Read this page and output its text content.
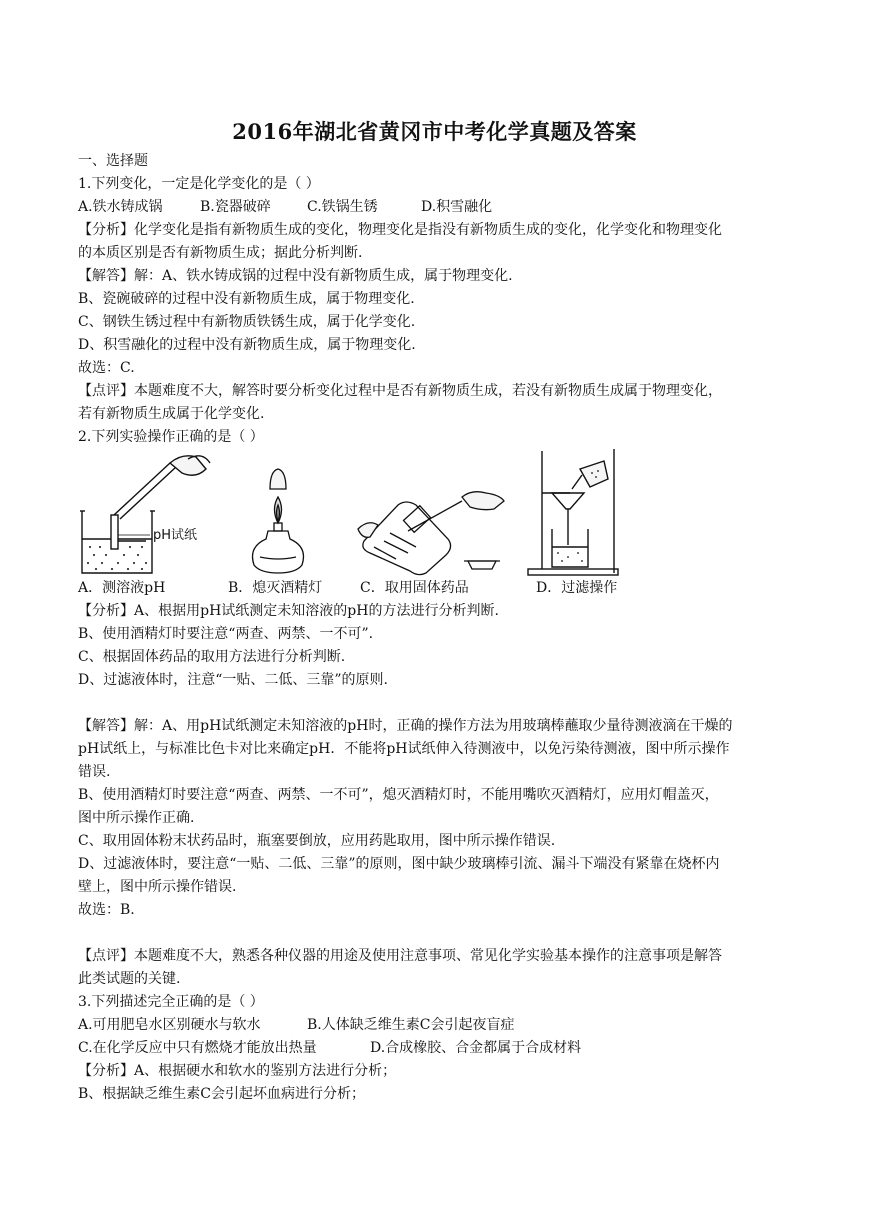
2016年湖北省黄冈市中考化学真题及答案

一、选择题

1.下列变化，一定是化学变化的是（ ）

A.铁水铸成锅	B.瓷器破碎	C.铁锅生锈	D.积雪融化

【分析】化学变化是指有新物质生成的变化，物理变化是指没有新物质生成的变化，化学变化和物理变化

的本质区别是否有新物质生成；据此分析判断.

【解答】解：A、铁水铸成锅的过程中没有新物质生成，属于物理变化.

B、瓷碗破碎的过程中没有新物质生成，属于物理变化.

C、钢铁生锈过程中有新物质铁锈生成，属于化学变化.

D、积雪融化的过程中没有新物质生成，属于物理变化.

故选：C.

【点评】本题难度不大，解答时要分析变化过程中是否有新物质生成，若没有新物质生成属于物理变化，

若有新物质生成属于化学变化.

2.下列实验操作正确的是（ ）

pH试纸
A．测溶液pH	B．熄灭酒精灯	C．取用固体药品	D．过滤操作

【分析】A、根据用pH试纸测定未知溶液的pH的方法进行分析判断.

B、使用酒精灯时要注意“两查、两禁、一不可”.

C、根据固体药品的取用方法进行分析判断.

D、过滤液体时，注意“一贴、二低、三靠”的原则.

【解答】解：A、用pH试纸测定未知溶液的pH时，正确的操作方法为用玻璃棒蘸取少量待测液滴在干燥的

pH试纸上，与标准比色卡对比来确定pH．不能将pH试纸伸入待测液中，以免污染待测液，图中所示操作

错误.

B、使用酒精灯时要注意“两查、两禁、一不可”，熄灭酒精灯时，不能用嘴吹灭酒精灯，应用灯帽盖灭，

图中所示操作正确.

C、取用固体粉末状药品时，瓶塞要倒放，应用药匙取用，图中所示操作错误.

D、过滤液体时，要注意“一贴、二低、三靠”的原则，图中缺少玻璃棒引流、漏斗下端没有紧靠在烧杯内

壁上，图中所示操作错误.

故选：B.

【点评】本题难度不大，熟悉各种仪器的用途及使用注意事项、常见化学实验基本操作的注意事项是解答

此类试题的关键.

3.下列描述完全正确的是（ ）

A.可用肥皂水区别硬水与软水	B.人体缺乏维生素C会引起夜盲症

C.在化学反应中只有燃烧才能放出热量	D.合成橡胶、合金都属于合成材料

【分析】A、根据硬水和软水的鉴别方法进行分析；

B、根据缺乏维生素C会引起坏血病进行分析；
